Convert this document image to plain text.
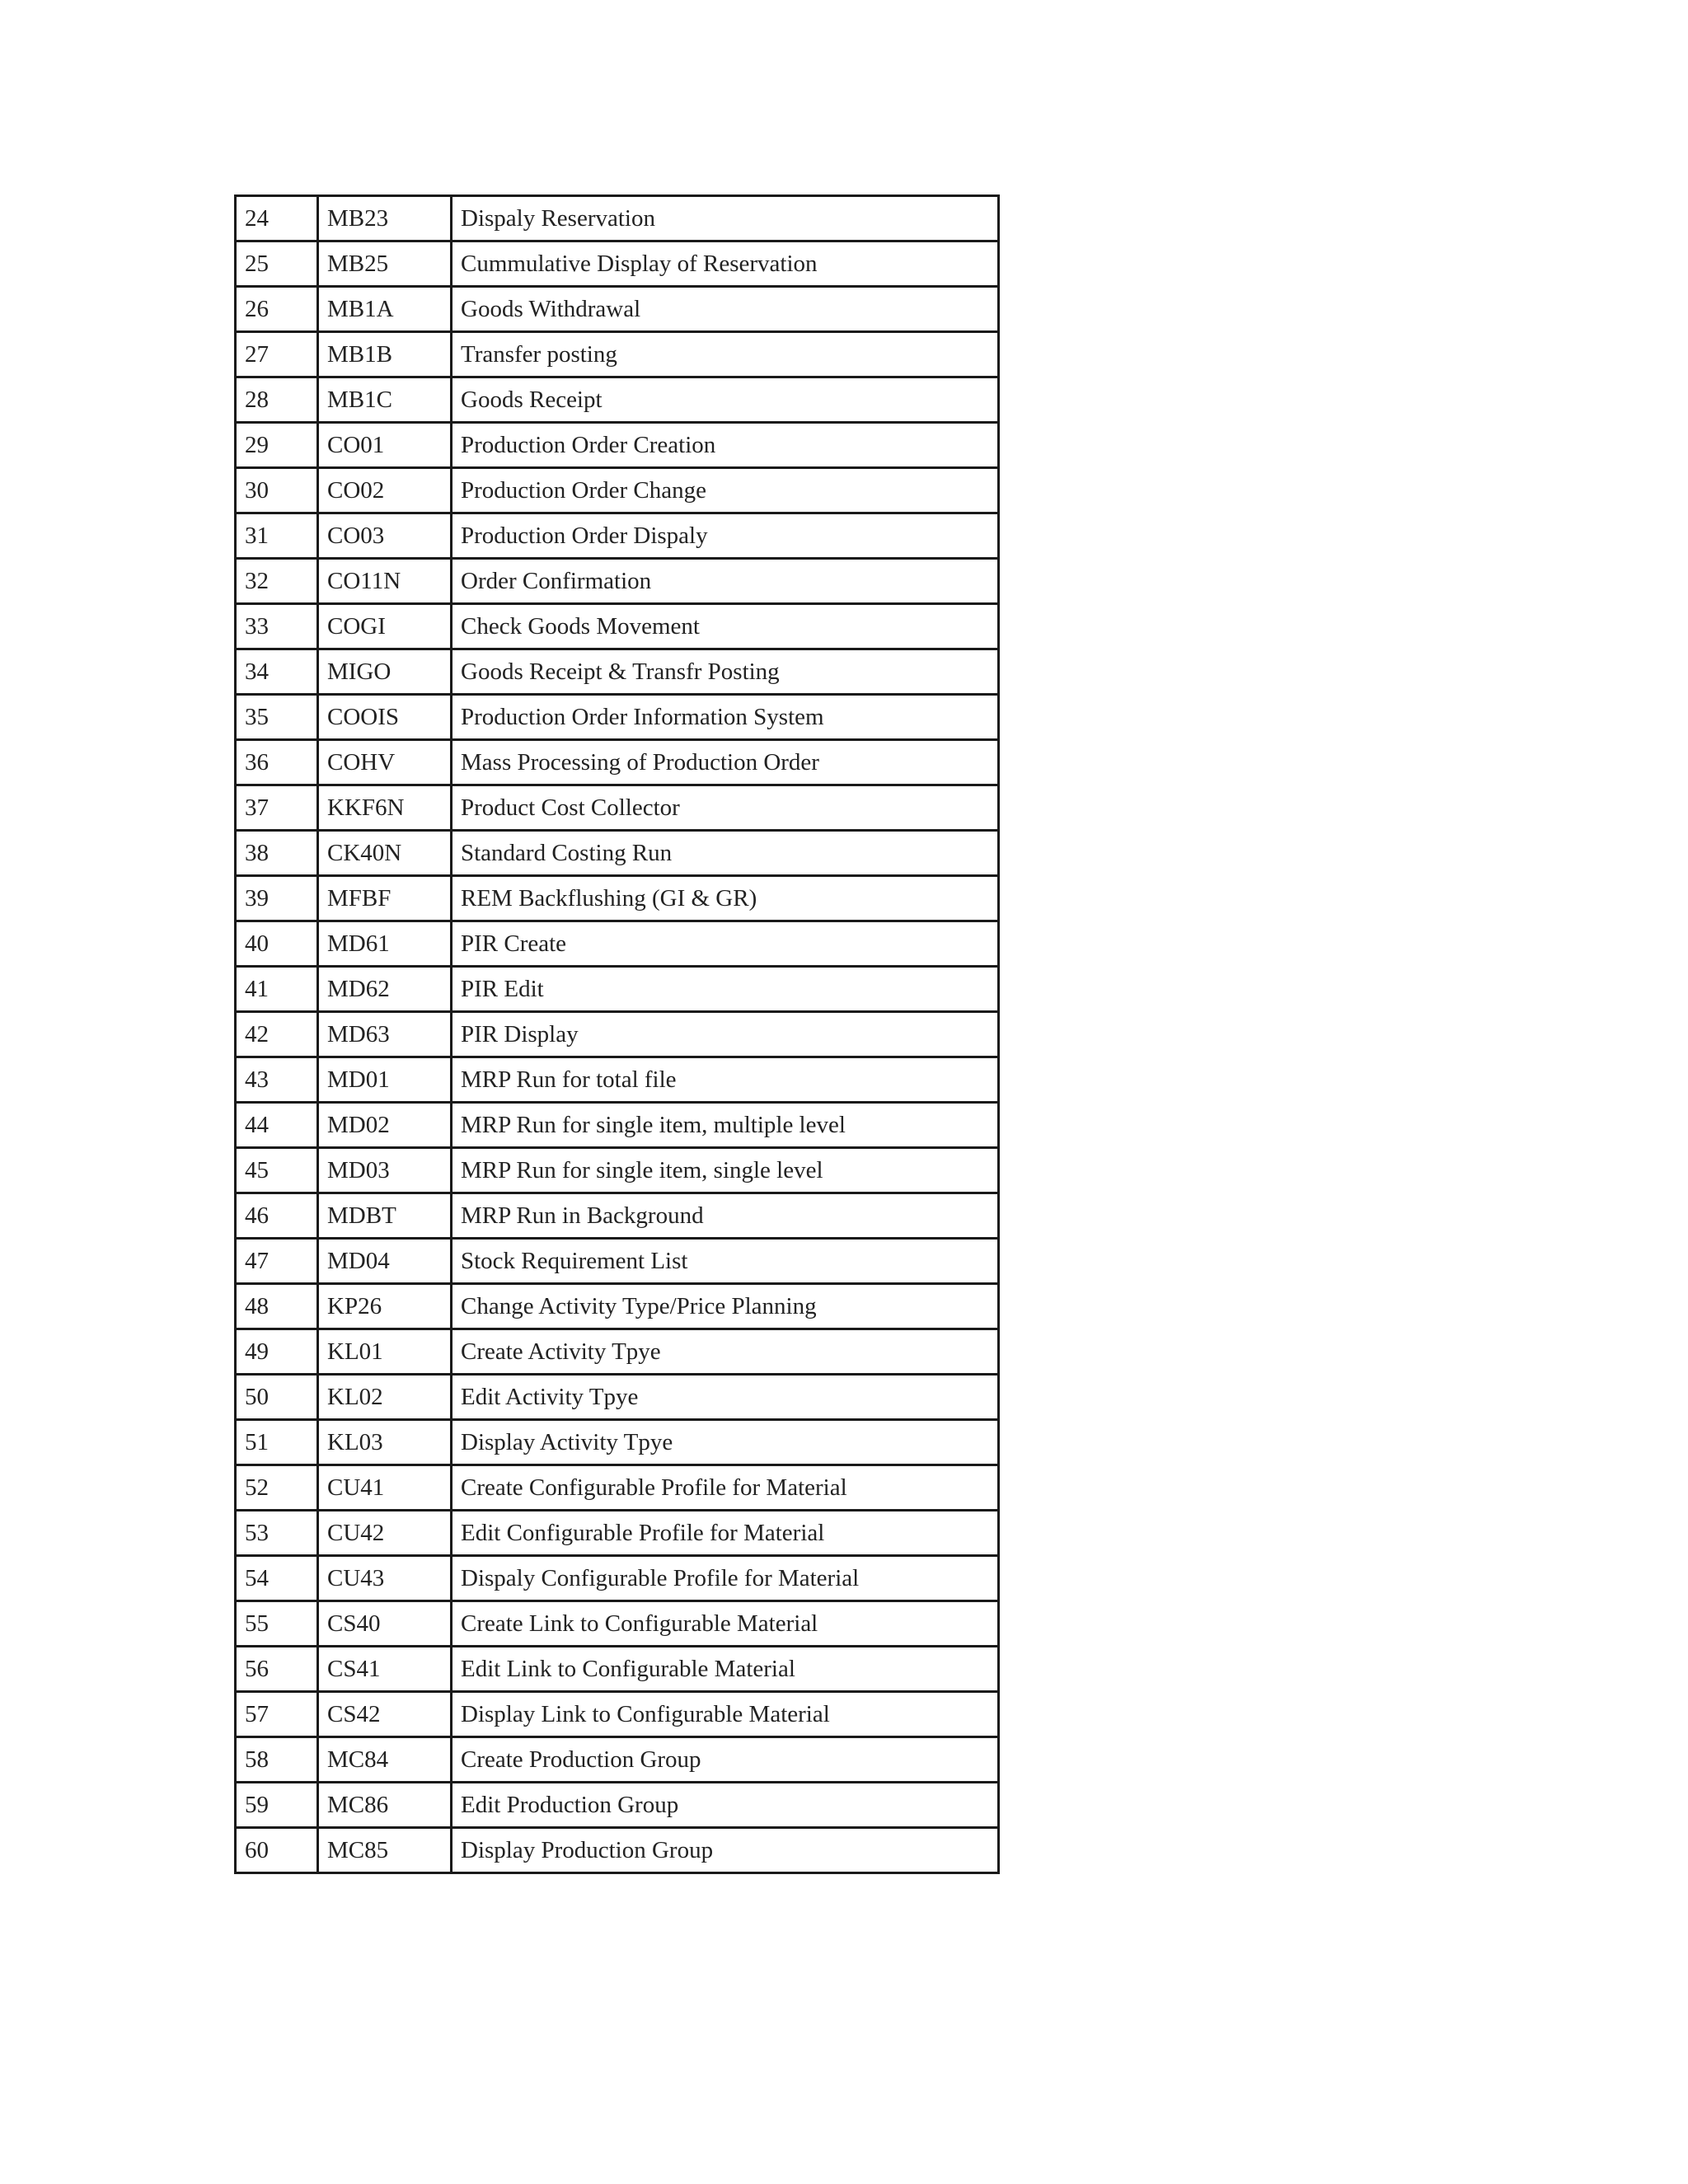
24	MB23	Dispaly Reservation
25	MB25	Cummulative Display of Reservation
26	MB1A	Goods Withdrawal
27	MB1B	Transfer posting
28	MB1C	Goods Receipt
29	CO01	Production Order Creation
30	CO02	Production Order Change
31	CO03	Production Order Dispaly
32	CO11N	Order Confirmation
33	COGI	Check Goods Movement
34	MIGO	Goods Receipt & Transfr Posting
35	COOIS	Production Order Information System
36	COHV	Mass Processing of Production Order
37	KKF6N	Product Cost Collector
38	CK40N	Standard Costing Run
39	MFBF	REM Backflushing (GI & GR)
40	MD61	PIR Create
41	MD62	PIR Edit
42	MD63	PIR Display
43	MD01	MRP Run for total file
44	MD02	MRP Run for single item, multiple level
45	MD03	MRP Run for single item, single level
46	MDBT	MRP Run in Background
47	MD04	Stock Requirement List
48	KP26	Change Activity Type/Price Planning
49	KL01	Create Activity Tpye
50	KL02	Edit Activity Tpye
51	KL03	Display Activity Tpye
52	CU41	Create Configurable Profile for Material
53	CU42	Edit Configurable Profile for Material
54	CU43	Dispaly Configurable Profile for Material
55	CS40	Create Link to Configurable Material
56	CS41	Edit Link to Configurable Material
57	CS42	Display Link to Configurable Material
58	MC84	Create Production Group
59	MC86	Edit Production Group
60	MC85	Display Production Group
